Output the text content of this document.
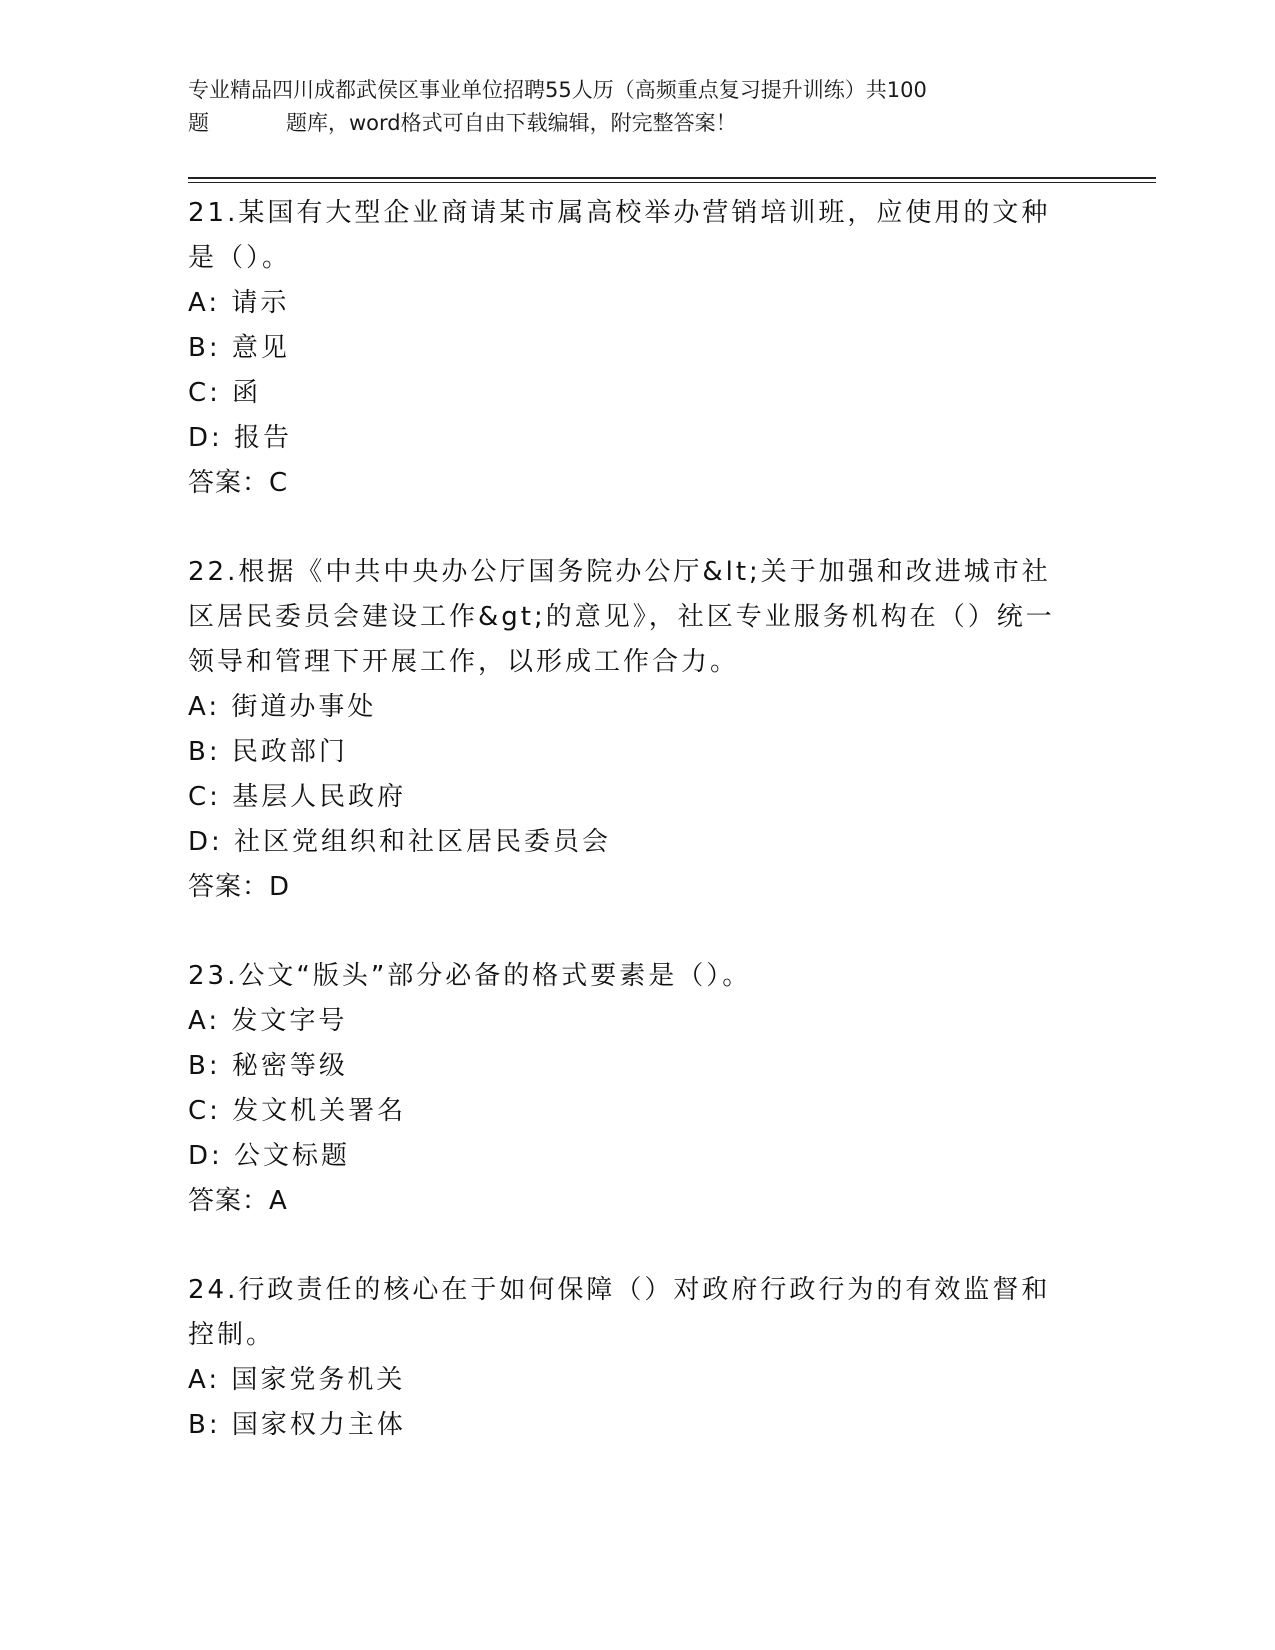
专业精品四川成都武侯区事业单位招聘55人历（高频重点复习提升训练）共100
题	题库，word格式可自由下载编辑，附完整答案！
21.某国有大型企业商请某市属高校举办营销培训班，应使用的文种是（）。
A: 请示
B: 意见
C: 函
D: 报告
答案：C
22.根据《中共中央办公厅国务院办公厅&lt;关于加强和改进城市社区居民委员会建设工作&gt;的意见》，社区专业服务机构在（）统一领导和管理下开展工作，以形成工作合力。
A: 街道办事处
B: 民政部门
C: 基层人民政府
D: 社区党组织和社区居民委员会
答案：D
23.公文“版头”部分必备的格式要素是（）。
A: 发文字号
B: 秘密等级
C: 发文机关署名
D: 公文标题
答案：A
24.行政责任的核心在于如何保障（）对政府行政行为的有效监督和控制。
A: 国家党务机关
B: 国家权力主体
